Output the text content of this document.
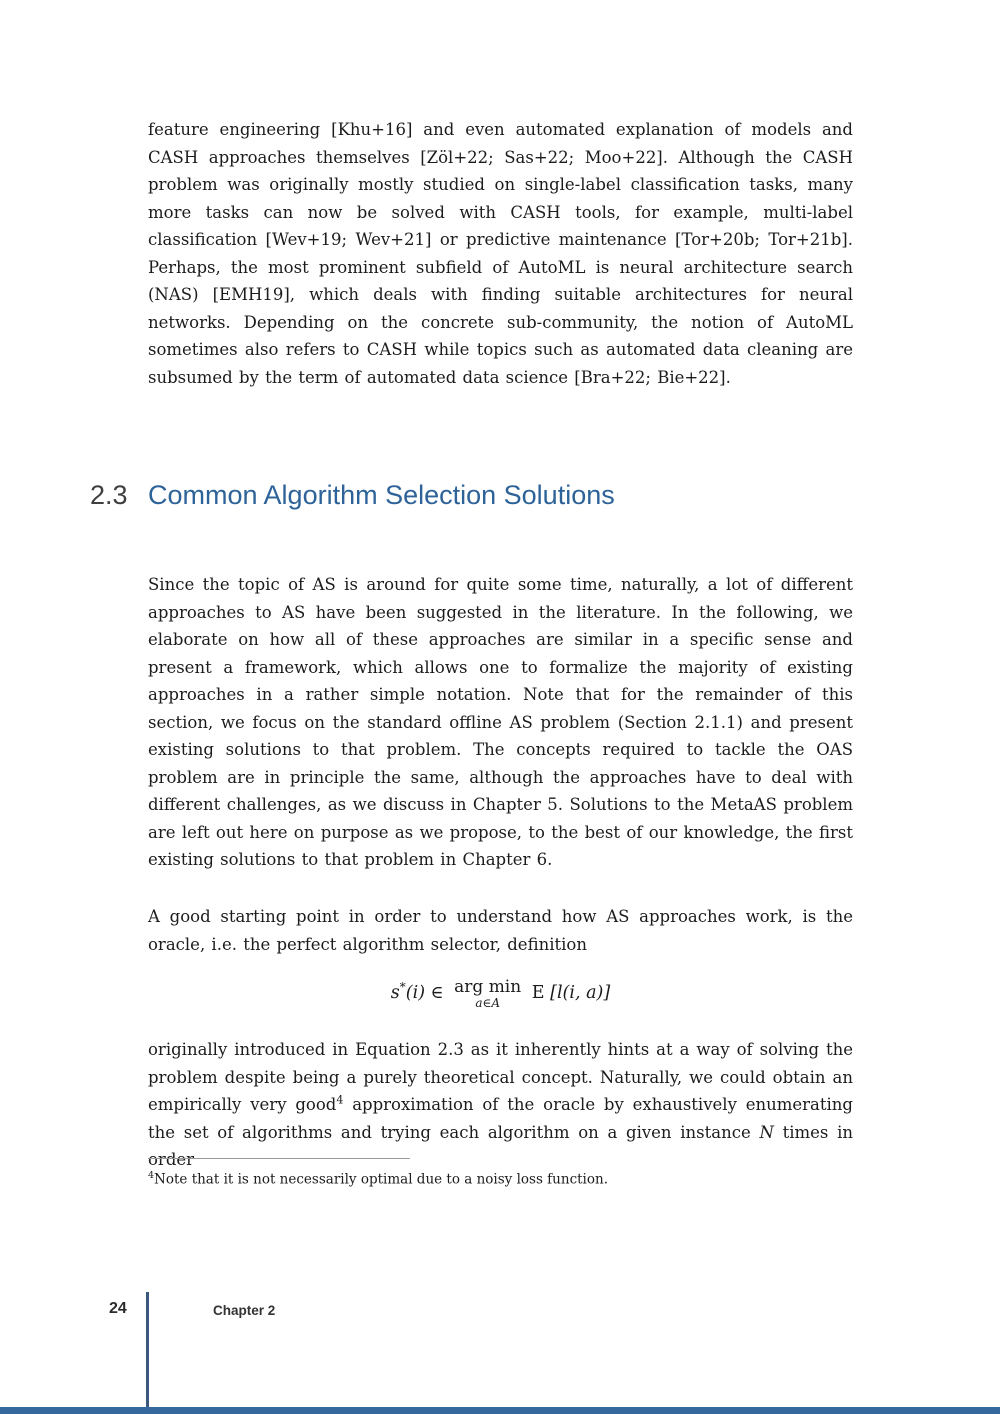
feature engineering [Khu+16] and even automated explanation of models and CASH approaches themselves [Zöl+22; Sas+22; Moo+22]. Although the CASH problem was originally mostly studied on single-label classification tasks, many more tasks can now be solved with CASH tools, for example, multi-label classification [Wev+19; Wev+21] or predictive maintenance [Tor+20b; Tor+21b]. Perhaps, the most prominent subfield of AutoML is neural architecture search (NAS) [EMH19], which deals with finding suitable architectures for neural networks. Depending on the concrete sub-community, the notion of AutoML sometimes also refers to CASH while topics such as automated data cleaning are subsumed by the term of automated data science [Bra+22; Bie+22].

2.3 Common Algorithm Selection Solutions

Since the topic of AS is around for quite some time, naturally, a lot of different approaches to AS have been suggested in the literature. In the following, we elaborate on how all of these approaches are similar in a specific sense and present a framework, which allows one to formalize the majority of existing approaches in a rather simple notation. Note that for the remainder of this section, we focus on the standard offline AS problem (Section 2.1.1) and present existing solutions to that problem. The concepts required to tackle the OAS problem are in principle the same, although the approaches have to deal with different challenges, as we discuss in Chapter 5. Solutions to the MetaAS problem are left out here on purpose as we propose, to the best of our knowledge, the first existing solutions to that problem in Chapter 6.

A good starting point in order to understand how AS approaches work, is the oracle, i.e. the perfect algorithm selector, definition

s*(i) ∈ arg min
a∈A E [l(i, a)]

originally introduced in Equation 2.3 as it inherently hints at a way of solving the problem despite being a purely theoretical concept. Naturally, we could obtain an empirically very good$^4$ approximation of the oracle by exhaustively enumerating the set of algorithms and trying each algorithm on a given instance N times in order

$^4$Note that it is not necessarily optimal due to a noisy loss function.

24	Chapter 2
